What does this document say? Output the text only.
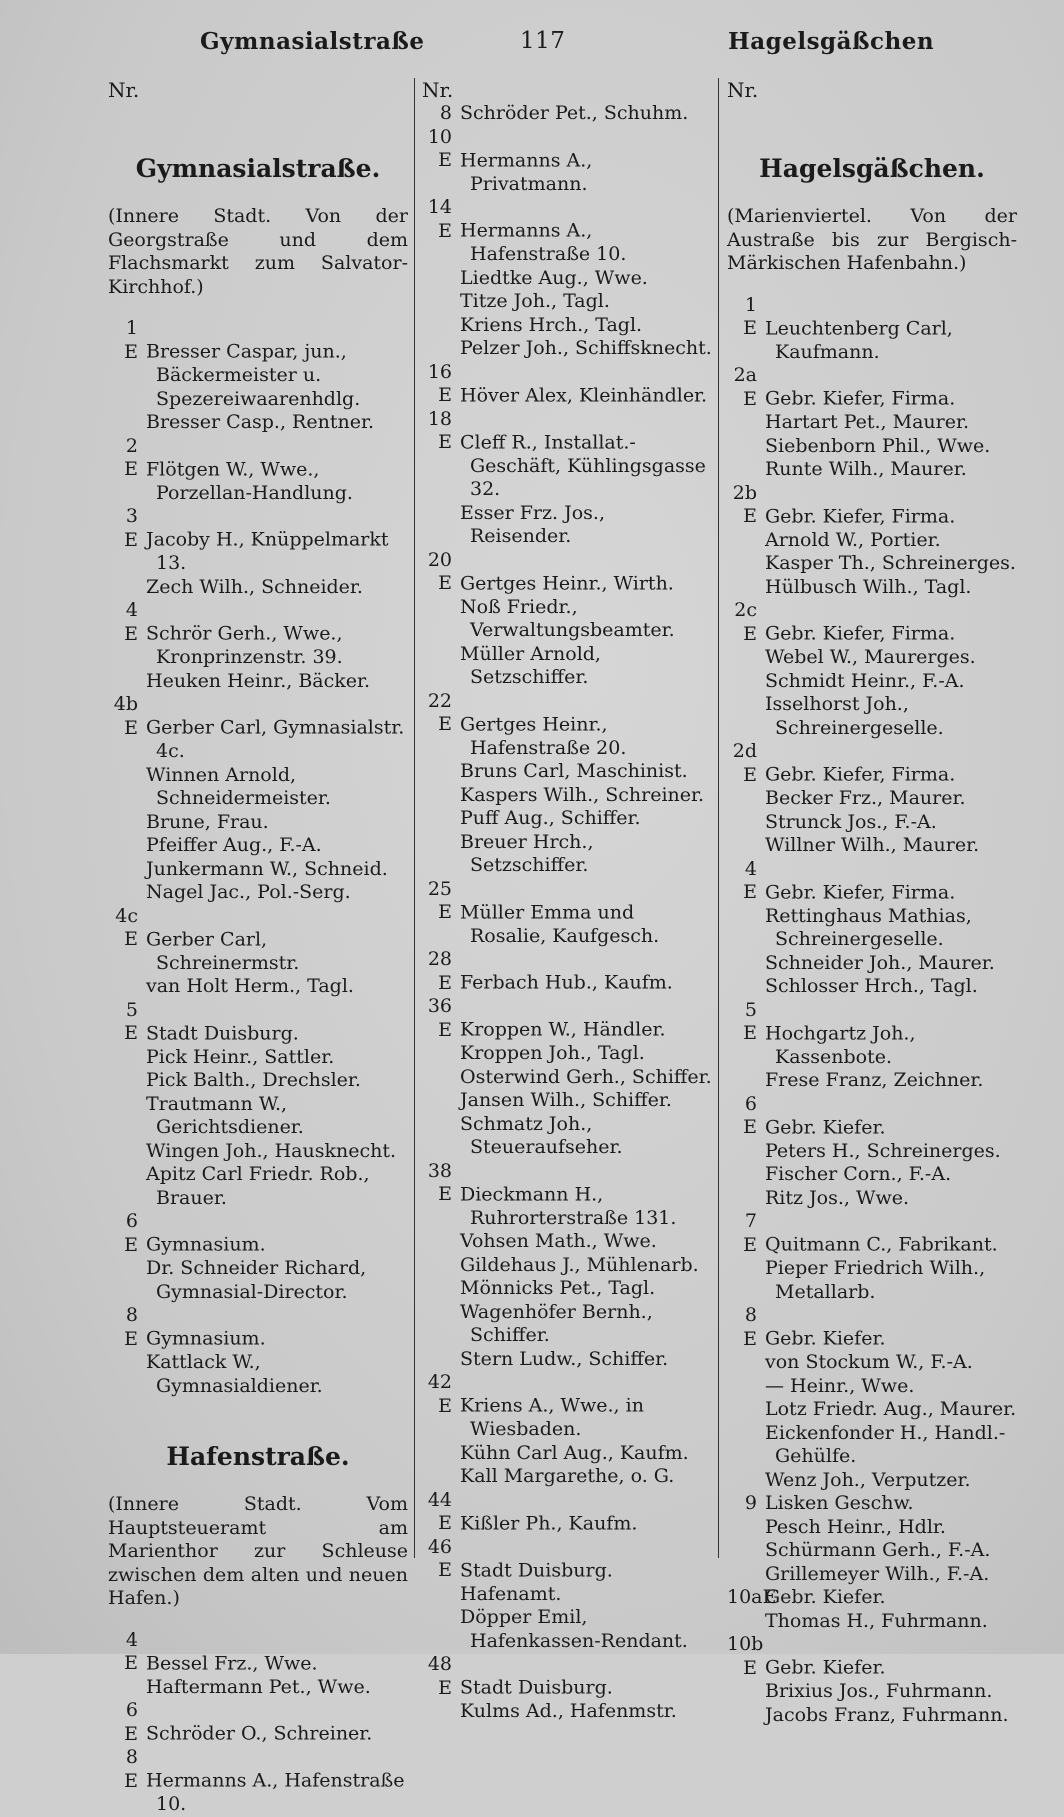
Gymnasialstraße	117	Hagelsgäßchen
Nr.
Gymnasialstraße.
(Innere Stadt. Von der Georgstraße und dem Flachsmarkt zum Salvator-Kirchhof.)
1 E Bresser Caspar, jun., Bäckermeister u. Spezereiwaarenhdlg.
Bresser Casp., Rentner.
2 E Flötgen W., Wwe., Porzellan-Handlung.
3 E Jacoby H., Knüppelmarkt 13.
Zech Wilh., Schneider.
4 E Schrör Gerh., Wwe., Kronprinzenstr. 39.
Heuken Heinr., Bäcker.
4b E Gerber Carl, Gymnasialstr. 4c.
Winnen Arnold, Schneidermeister.
Brune, Frau.
Pfeiffer Aug., F.-A.
Junkermann W., Schneid.
Nagel Jac., Pol.-Serg.
4c E Gerber Carl, Schreinermstr.
van Holt Herm., Tagl.
5 E Stadt Duisburg.
Pick Heinr., Sattler.
Pick Balth., Drechsler.
Trautmann W., Gerichtsdiener.
Wingen Joh., Hausknecht.
Apitz Carl Friedr. Rob., Brauer.
6 E Gymnasium.
Dr. Schneider Richard, Gymnasial-Director.
8 E Gymnasium.
Kattlack W., Gymnasialdiener.
Hafenstraße.
(Innere Stadt. Vom Hauptsteueramt am Marienthor zur Schleuse zwischen dem alten und neuen Hafen.)
4 E Bessel Frz., Wwe.
Haftermann Pet., Wwe.
6 E Schröder O., Schreiner.
8 E Hermanns A., Hafenstraße 10.
Nr.
8 Schröder Pet., Schuhm.
10 E Hermanns A., Privatmann.
14 E Hermanns A., Hafenstraße 10.
Liedtke Aug., Wwe.
Titze Joh., Tagl.
Kriens Hrch., Tagl.
Pelzer Joh., Schiffsknecht.
16 E Höver Alex, Kleinhändler.
18 E Cleff R., Installat.-Geschäft, Kühlingsgasse 32.
Esser Frz. Jos., Reisender.
20 E Gertges Heinr., Wirth.
Noß Friedr., Verwaltungsbeamter.
Müller Arnold, Setzschiffer.
22 E Gertges Heinr., Hafenstraße 20.
Bruns Carl, Maschinist.
Kaspers Wilh., Schreiner.
Puff Aug., Schiffer.
Breuer Hrch., Setzschiffer.
25 E Müller Emma und Rosalie, Kaufgesch.
28 E Ferbach Hub., Kaufm.
36 E Kroppen W., Händler.
Kroppen Joh., Tagl.
Osterwind Gerh., Schiffer.
Jansen Wilh., Schiffer.
Schmatz Joh., Steueraufseher.
38 E Dieckmann H., Ruhrorterstraße 131.
Vohsen Math., Wwe.
Gildehaus J., Mühlenarb.
Mönnicks Pet., Tagl.
Wagenhöfer Bernh., Schiffer.
Stern Ludw., Schiffer.
42 E Kriens A., Wwe., in Wiesbaden.
Kühn Carl Aug., Kaufm.
Kall Margarethe, o. G.
44 E Kißler Ph., Kaufm.
46 E Stadt Duisburg.
Hafenamt.
Döpper Emil, Hafenkassen-Rendant.
48 E Stadt Duisburg.
Kulms Ad., Hafenmstr.
Nr.
Hagelsgäßchen.
(Marienviertel. Von der Austraße bis zur Bergisch-Märkischen Hafenbahn.)
1 E Leuchtenberg Carl, Kaufmann.
2a E Gebr. Kiefer, Firma.
Hartart Pet., Maurer.
Siebenborn Phil., Wwe.
Runte Wilh., Maurer.
2b E Gebr. Kiefer, Firma.
Arnold W., Portier.
Kasper Th., Schreinerges.
Hülbusch Wilh., Tagl.
2c E Gebr. Kiefer, Firma.
Webel W., Maurerges.
Schmidt Heinr., F.-A.
Isselhorst Joh., Schreinergeselle.
2d E Gebr. Kiefer, Firma.
Becker Frz., Maurer.
Strunck Jos., F.-A.
Willner Wilh., Maurer.
4 E Gebr. Kiefer, Firma.
Rettinghaus Mathias, Schreinergeselle.
Schneider Joh., Maurer.
Schlosser Hrch., Tagl.
5 E Hochgartz Joh., Kassenbote.
Frese Franz, Zeichner.
6 E Gebr. Kiefer.
Peters H., Schreinerges.
Fischer Corn., F.-A.
Ritz Jos., Wwe.
7 E Quitmann C., Fabrikant.
Pieper Friedrich Wilh., Metallarb.
8 E Gebr. Kiefer.
von Stockum W., F.-A.
— Heinr., Wwe.
Lotz Friedr. Aug., Maurer.
Eickenfonder H., Handl.-Gehülfe.
Wenz Joh., Verputzer.
9 Lisken Geschw.
Pesch Heinr., Hdlr.
Schürmann Gerh., F.-A.
Grillemeyer Wilh., F.-A.
10aEGebr. Kiefer.
Thomas H., Fuhrmann.
10b E Gebr. Kiefer.
Brixius Jos., Fuhrmann.
Jacobs Franz, Fuhrmann.
